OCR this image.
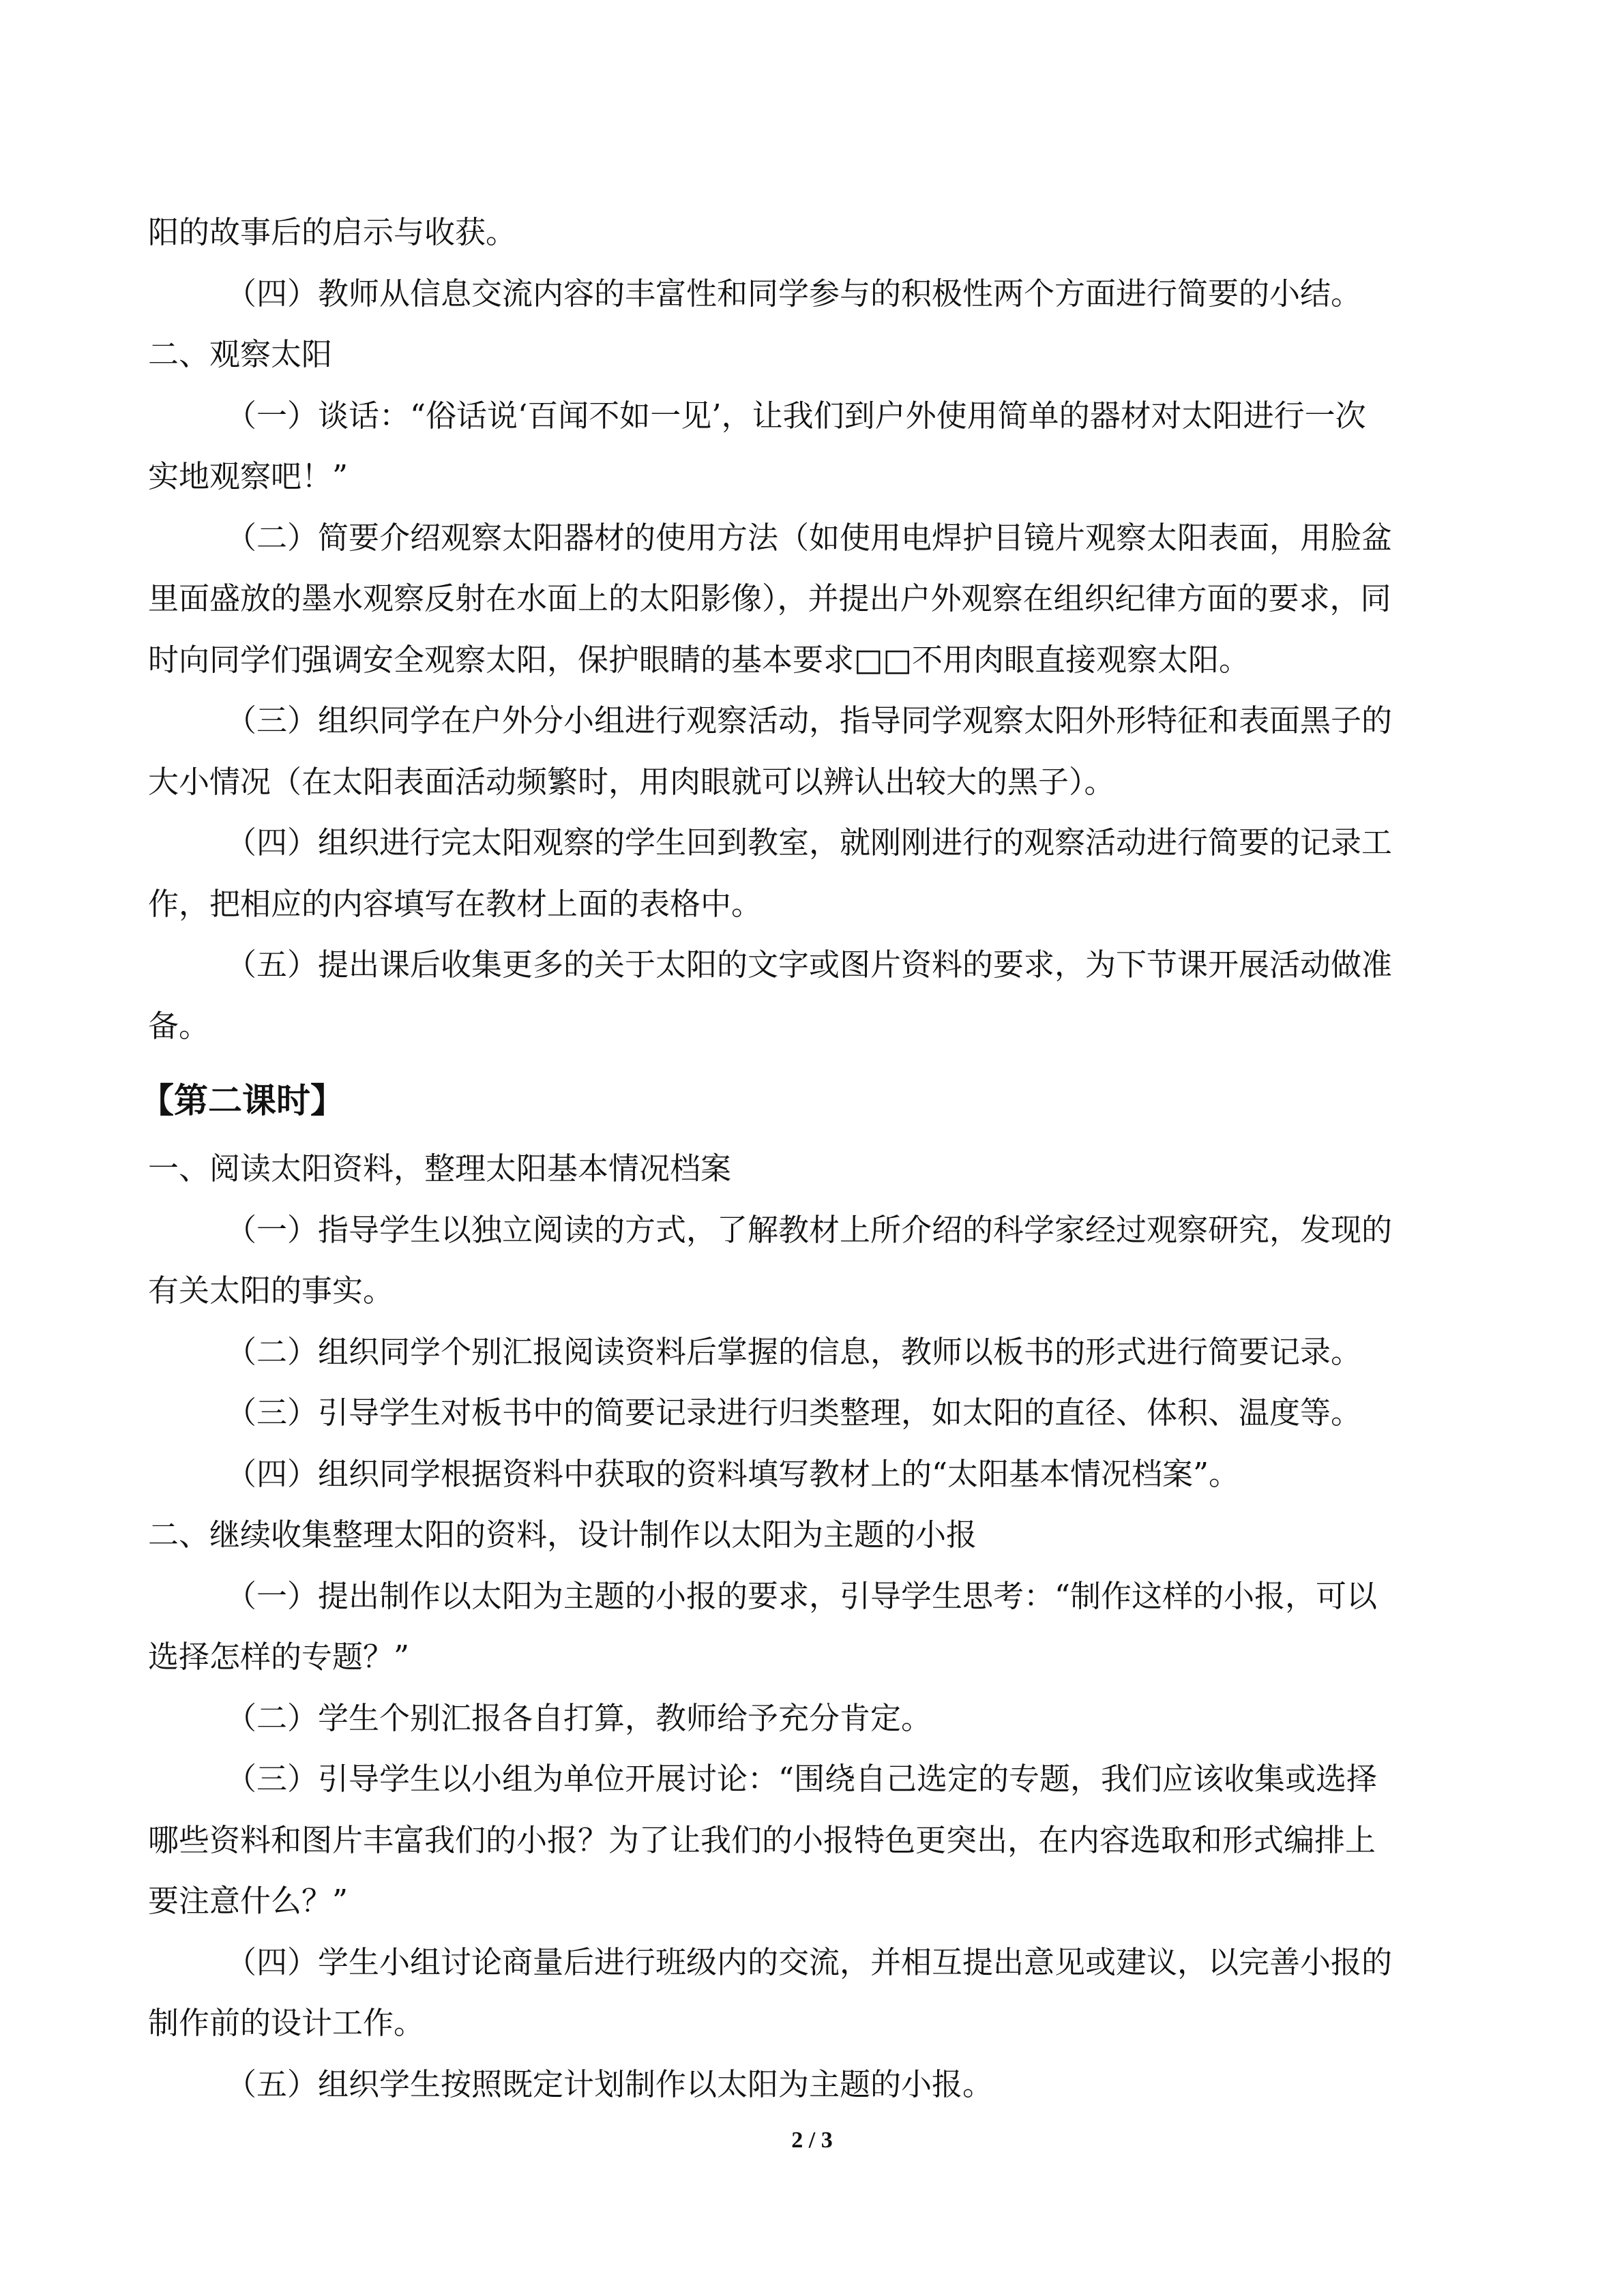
阳的故事后的启示与收获。

（四）教师从信息交流内容的丰富性和同学参与的积极性两个方面进行简要的小结。

二、观察太阳

（一）谈话：“俗话说‘百闻不如一见’，让我们到户外使用简单的器材对太阳进行一次

实地观察吧！”

（二）简要介绍观察太阳器材的使用方法（如使用电焊护目镜片观察太阳表面，用脸盆

里面盛放的墨水观察反射在水面上的太阳影像），并提出户外观察在组织纪律方面的要求，同

时向同学们强调安全观察太阳，保护眼睛的基本要求□□不用肉眼直接观察太阳。

（三）组织同学在户外分小组进行观察活动，指导同学观察太阳外形特征和表面黑子的

大小情况（在太阳表面活动频繁时，用肉眼就可以辨认出较大的黑子）。

（四）组织进行完太阳观察的学生回到教室，就刚刚进行的观察活动进行简要的记录工

作，把相应的内容填写在教材上面的表格中。

（五）提出课后收集更多的关于太阳的文字或图片资料的要求，为下节课开展活动做准

备。

【第二课时】

一、阅读太阳资料，整理太阳基本情况档案

（一）指导学生以独立阅读的方式，了解教材上所介绍的科学家经过观察研究，发现的

有关太阳的事实。

（二）组织同学个别汇报阅读资料后掌握的信息，教师以板书的形式进行简要记录。

（三）引导学生对板书中的简要记录进行归类整理，如太阳的直径、体积、温度等。

（四）组织同学根据资料中获取的资料填写教材上的“太阳基本情况档案”。

二、继续收集整理太阳的资料，设计制作以太阳为主题的小报

（一）提出制作以太阳为主题的小报的要求，引导学生思考：“制作这样的小报，可以

选择怎样的专题？”

（二）学生个别汇报各自打算，教师给予充分肯定。

（三）引导学生以小组为单位开展讨论：“围绕自己选定的专题，我们应该收集或选择

哪些资料和图片丰富我们的小报？为了让我们的小报特色更突出，在内容选取和形式编排上

要注意什么？”

（四）学生小组讨论商量后进行班级内的交流，并相互提出意见或建议，以完善小报的

制作前的设计工作。

（五）组织学生按照既定计划制作以太阳为主题的小报。

2 / 3
